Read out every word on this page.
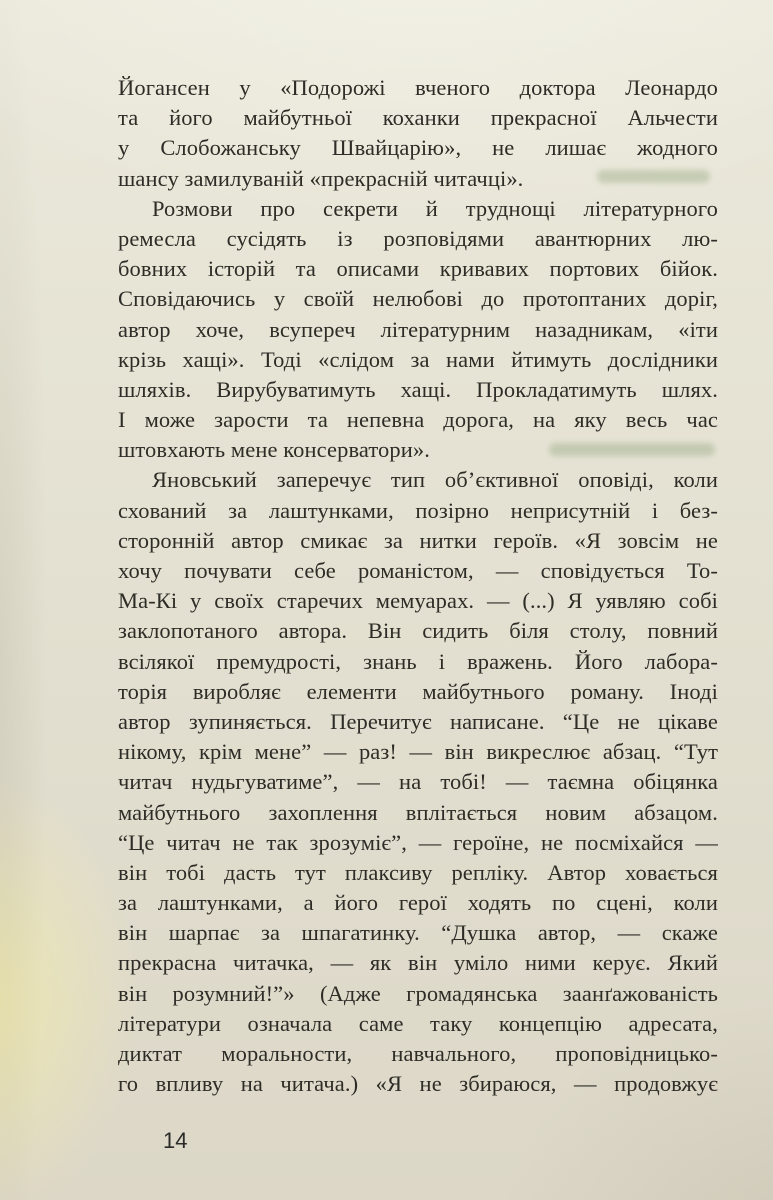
Йогансен у «Подорожі вченого доктора Леонардо
та його майбутньої коханки прекрасної Альчести
у Слобожанську Швайцарію», не лишає жодного
шансу замилуваній «прекрасній читачці».
Розмови про секрети й труднощі літературного
ремесла сусідять із розповідями авантюрних лю-
бовних історій та описами кривавих портових бійок.
Сповідаючись у своїй нелюбові до протоптаних доріг,
автор хоче, всупереч літературним назадникам, «іти
крізь хащі». Тоді «слідом за нами йтимуть дослідники
шляхів. Вирубуватимуть хащі. Прокладатимуть шлях.
І може зарости та непевна дорога, на яку весь час
штовхають мене консерватори».
Яновський заперечує тип об’єктивної оповіді, коли
схований за лаштунками, позірно неприсутній і без-
сторонній автор смикає за нитки героїв. «Я зовсім не
хочу почувати себе романістом, — сповідується То-
Ма-Кі у своїх старечих мемуарах. — (...) Я уявляю собі
заклопотаного автора. Він сидить біля столу, повний
всілякої премудрості, знань і вражень. Його лабора-
торія виробляє елементи майбутнього роману. Іноді
автор зупиняється. Перечитує написане. “Це не цікаве
нікому, крім мене” — раз! — він викреслює абзац. “Тут
читач нудьгуватиме”, — на тобі! — таємна обіцянка
майбутнього захоплення вплітається новим абзацом.
“Це читач не так зрозуміє”, — героїне, не посміхайся —
він тобі дасть тут плаксиву репліку. Автор ховається
за лаштунками, а його герої ходять по сцені, коли
він шарпає за шпагатинку. “Душка автор, — скаже
прекрасна читачка, — як він уміло ними керує. Який
він розумний!”» (Адже громадянська заанґажованість
літератури означала саме таку концепцію адресата,
диктат моральности, навчального, проповідницько-
го впливу на читача.) «Я не збираюся, — продовжує
14
